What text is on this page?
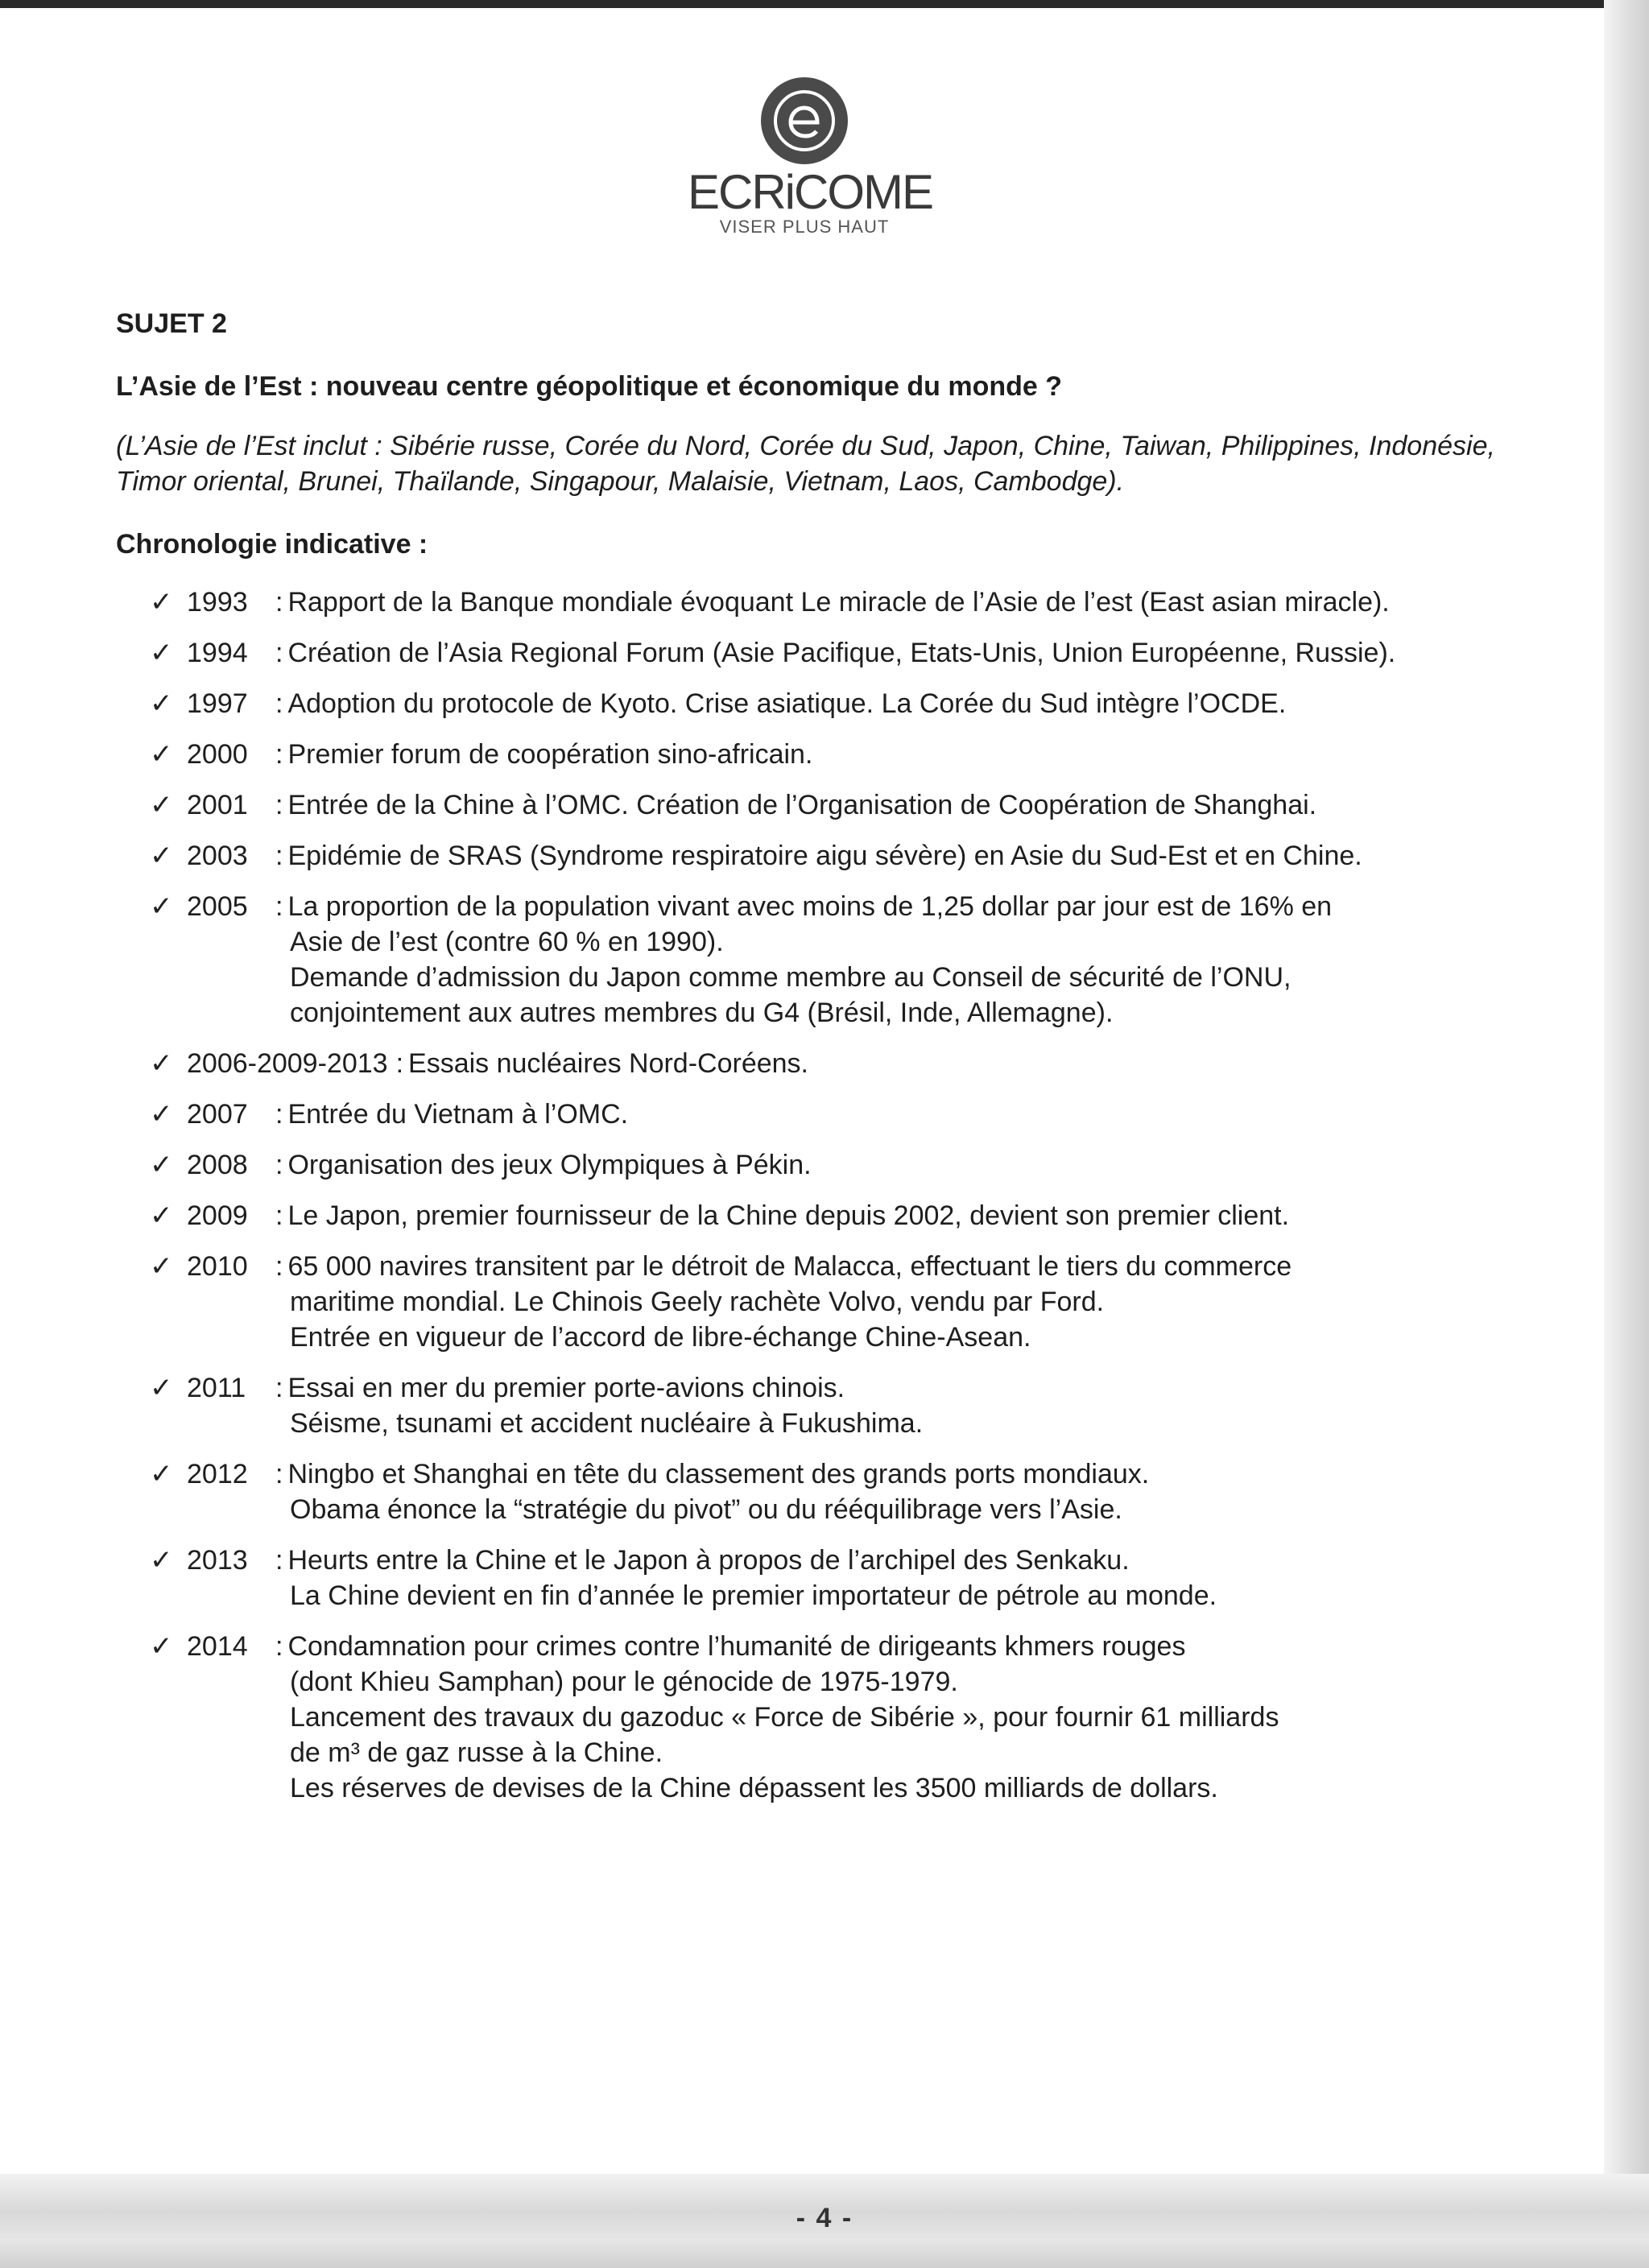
ECRiCOME
VISER PLUS HAUT
SUJET 2
L’Asie de l’Est : nouveau centre géopolitique et économique du monde ?

(L’Asie de l’Est inclut : Sibérie russe, Corée du Nord, Corée du Sud, Japon, Chine, Taiwan, Philippines, Indonésie, Timor oriental, Brunei, Thaïlande, Singapour, Malaisie, Vietnam, Laos, Cambodge).

Chronologie indicative :
✓ 1993	: Rapport de la Banque mondiale évoquant Le miracle de l’Asie de l’est (East asian miracle).
✓ 1994	: Création de l’Asia Regional Forum (Asie Pacifique, Etats-Unis, Union Européenne, Russie).
✓ 1997	: Adoption du protocole de Kyoto. Crise asiatique. La Corée du Sud intègre l’OCDE.
✓ 2000	: Premier forum de coopération sino-africain.
✓ 2001	: Entrée de la Chine à l’OMC. Création de l’Organisation de Coopération de Shanghai.
✓ 2003	: Epidémie de SRAS (Syndrome respiratoire aigu sévère) en Asie du Sud-Est et en Chine.
✓ 2005	: La proportion de la population vivant avec moins de 1,25 dollar par jour est de 16% en
Asie de l’est (contre 60 % en 1990).
Demande d’admission du Japon comme membre au Conseil de sécurité de l’ONU,
conjointement aux autres membres du G4 (Brésil, Inde, Allemagne).
✓ 2006-2009-2013 : Essais nucléaires Nord-Coréens.
✓ 2007	: Entrée du Vietnam à l’OMC.
✓ 2008	: Organisation des jeux Olympiques à Pékin.
✓ 2009	: Le Japon, premier fournisseur de la Chine depuis 2002, devient son premier client.
✓ 2010	: 65 000 navires transitent par le détroit de Malacca, effectuant le tiers du commerce
maritime mondial. Le Chinois Geely rachète Volvo, vendu par Ford.
Entrée en vigueur de l’accord de libre-échange Chine-Asean.
✓ 2011	: Essai en mer du premier porte-avions chinois.
Séisme, tsunami et accident nucléaire à Fukushima.
✓ 2012	: Ningbo et Shanghai en tête du classement des grands ports mondiaux.
Obama énonce la “stratégie du pivot” ou du rééquilibrage vers l’Asie.
✓ 2013	: Heurts entre la Chine et le Japon à propos de l’archipel des Senkaku.
La Chine devient en fin d’année le premier importateur de pétrole au monde.
✓ 2014	: Condamnation pour crimes contre l’humanité de dirigeants khmers rouges
(dont Khieu Samphan) pour le génocide de 1975-1979.
Lancement des travaux du gazoduc « Force de Sibérie », pour fournir 61 milliards
de m³ de gaz russe à la Chine.
Les réserves de devises de la Chine dépassent les 3500 milliards de dollars.
- 4 -
